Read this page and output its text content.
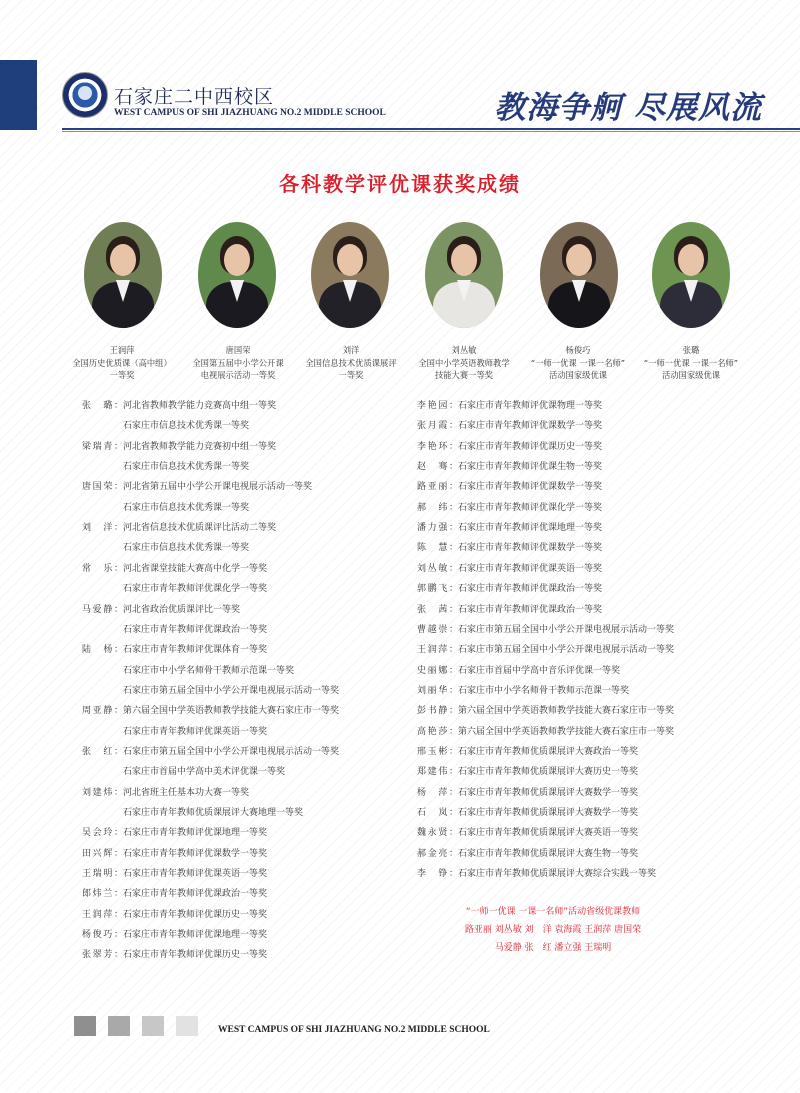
石家庄二中西校区
WEST CAMPUS OF SHI JIAZHUANG NO.2 MIDDLE SCHOOL	教海争舸 尽展风流
各科教学评优课获奖成绩
王润萍
全国历史优质课（高中组）
一等奖
唐国荣
全国第五届中小学公开课
电视展示活动一等奖
刘洋
全国信息技术优质课展评
一等奖
刘丛敏
全国中小学英语教师教学
技能大赛一等奖
杨俊巧
“一师一优课 一课一名师”
活动国家级优课
张璐
“一师一优课 一课一名师”
活动国家级优课
张　璐：河北省教师教学能力竞赛高中组一等奖
石家庄市信息技术优秀课一等奖
梁瑞青：河北省教师教学能力竞赛初中组一等奖
石家庄市信息技术优秀课一等奖
唐国荣：河北省第五届中小学公开课电视展示活动一等奖
石家庄市信息技术优秀课一等奖
刘　洋：河北省信息技术优质课评比活动二等奖
石家庄市信息技术优秀课一等奖
常　乐：河北省课堂技能大赛高中化学一等奖
石家庄市青年教师评优课化学一等奖
马爱静：河北省政治优质课评比一等奖
石家庄市青年教师评优课政治一等奖
陆　杨：石家庄市青年教师评优课体育一等奖
石家庄市中小学名师骨干教师示范课一等奖
石家庄市第五届全国中小学公开课电视展示活动一等奖
周亚静：第六届全国中学英语教师教学技能大赛石家庄市一等奖
石家庄市青年教师评优课英语一等奖
张　红：石家庄市第五届全国中小学公开课电视展示活动一等奖
石家庄市首届中学高中美术评优课一等奖
刘建炜：河北省班主任基本功大赛一等奖
石家庄市青年教师优质课展评大赛地理一等奖
吴会玲：石家庄市青年教师评优课地理一等奖
田兴辉：石家庄市青年教师评优课数学一等奖
王瑞明：石家庄市青年教师评优课英语一等奖
郎炜兰：石家庄市青年教师评优课政治一等奖
王润萍：石家庄市青年教师评优课历史一等奖
杨俊巧：石家庄市青年教师评优课地理一等奖
张翠芳：石家庄市青年教师评优课历史一等奖
李艳园：石家庄市青年教师评优课物理一等奖
张月霞：石家庄市青年教师评优课数学一等奖
李艳环：石家庄市青年教师评优课历史一等奖
赵　骞：石家庄市青年教师评优课生物一等奖
路亚丽：石家庄市青年教师评优课数学一等奖
郝　纬：石家庄市青年教师评优课化学一等奖
潘力强：石家庄市青年教师评优课地理一等奖
陈　慧：石家庄市青年教师评优课数学一等奖
刘丛敏：石家庄市青年教师评优课英语一等奖
郭鹏飞：石家庄市青年教师评优课政治一等奖
张　茜：石家庄市青年教师评优课政治一等奖
曹越崇：石家庄市第五届全国中小学公开课电视展示活动一等奖
王润萍：石家庄市第五届全国中小学公开课电视展示活动一等奖
史丽娜：石家庄市首届中学高中音乐评优课一等奖
刘丽华：石家庄市中小学名师骨干教师示范课一等奖
彭书静：第六届全国中学英语教师教学技能大赛石家庄市一等奖
高艳莎：第六届全国中学英语教师教学技能大赛石家庄市一等奖
邢玉彬：石家庄市青年教师优质课展评大赛政治一等奖
郑建伟：石家庄市青年教师优质课展评大赛历史一等奖
杨　萍：石家庄市青年教师优质课展评大赛数学一等奖
石　岚：石家庄市青年教师优质课展评大赛数学一等奖
魏永贤：石家庄市青年教师优质课展评大赛英语一等奖
郝金亮：石家庄市青年教师优质课展评大赛生物一等奖
李　铮：石家庄市青年教师优质课展评大赛综合实践一等奖
“一师一优课 一课一名师”活动省级优课教师
路亚丽 刘丛敏 刘　洋 袁海霞 王润萍 唐国荣
马爱静 张　红 潘立强 王瑞明
WEST CAMPUS OF SHI JIAZHUANG NO.2 MIDDLE SCHOOL
